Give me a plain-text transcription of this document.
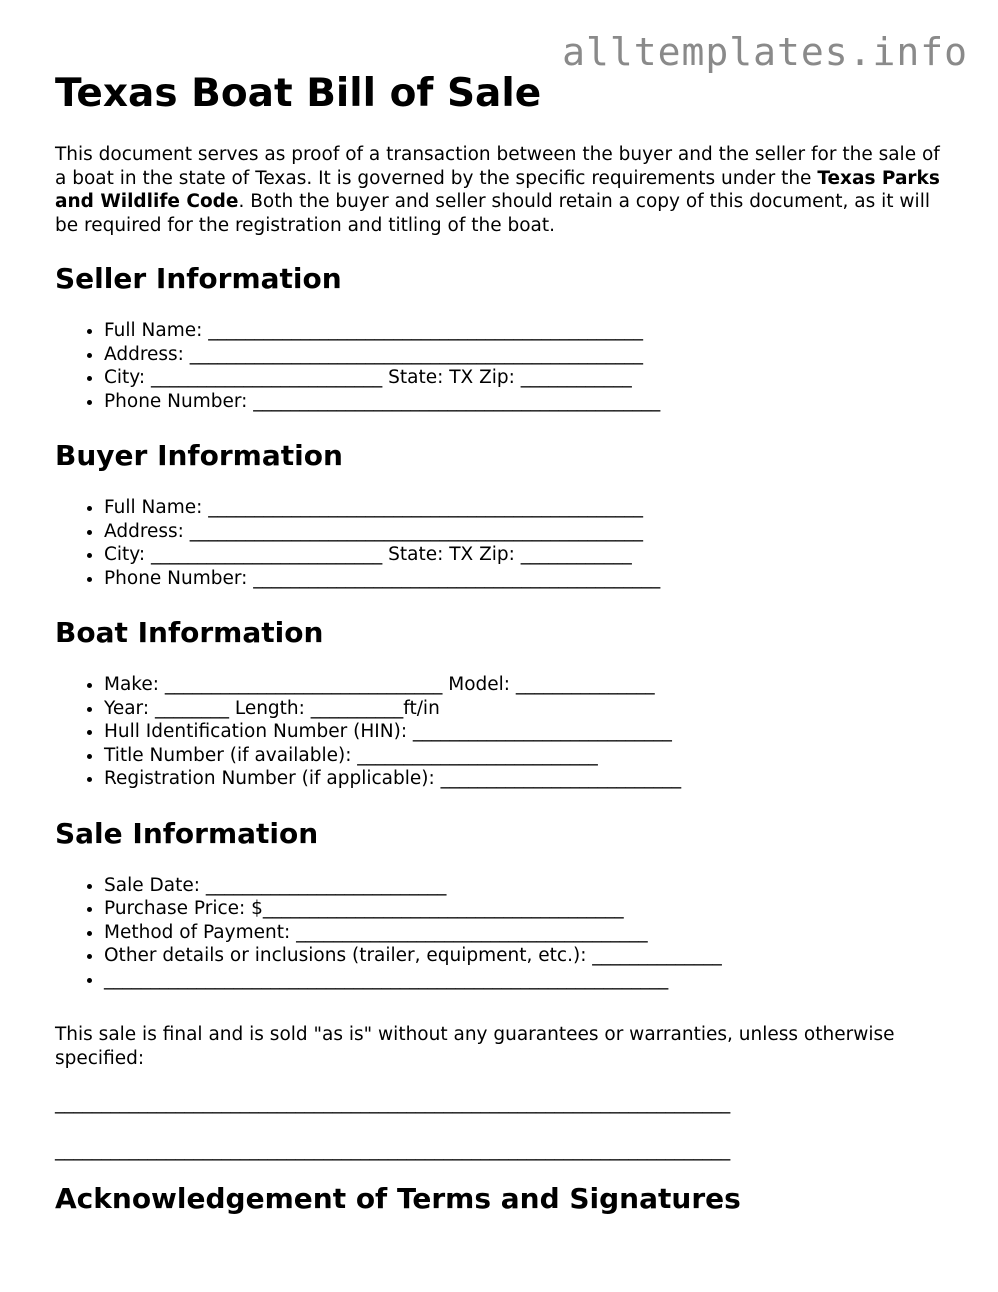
alltemplates.info
Texas Boat Bill of Sale

This document serves as proof of a transaction between the buyer and the seller for the sale of a boat in the state of Texas. It is governed by the specific requirements under the Texas Parks and Wildlife Code. Both the buyer and seller should retain a copy of this document, as it will be required for the registration and titling of the boat.

Seller Information
• Full Name: _______________________________________________
• Address: _________________________________________________
• City: _________________________ State: TX Zip: ____________
• Phone Number: ____________________________________________
Buyer Information
• Full Name: _______________________________________________
• Address: _________________________________________________
• City: _________________________ State: TX Zip: ____________
• Phone Number: ____________________________________________
Boat Information
• Make: ______________________________ Model: _______________
• Year: ________ Length: __________ft/in
• Hull Identification Number (HIN): ____________________________
• Title Number (if available): __________________________
• Registration Number (if applicable): __________________________
Sale Information
• Sale Date: __________________________
• Purchase Price: $_______________________________________
• Method of Payment: ______________________________________
• Other details or inclusions (trailer, equipment, etc.): ______________
• _____________________________________________________________

This sale is final and is sold "as is" without any guarantees or warranties, unless otherwise specified:

_________________________________________________________________________
_________________________________________________________________________
Acknowledgement of Terms and Signatures
